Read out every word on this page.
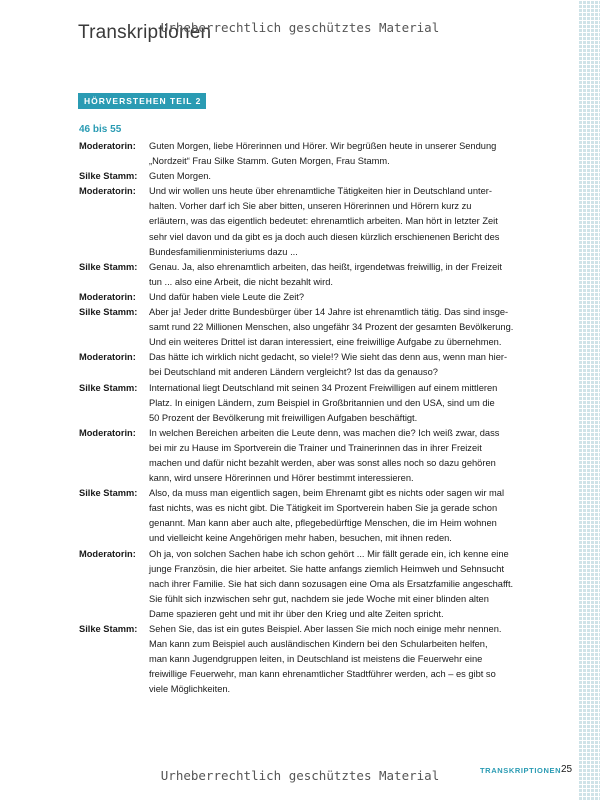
Transkriptionen
Urheberrechtlich geschütztes Material
HÖRVERSTEHEN TEIL 2
46 bis 55
Moderatorin:	Guten Morgen, liebe Hörerinnen und Hörer. Wir begrüßen heute in unserer Sendung
„Nordzeit“ Frau Silke Stamm. Guten Morgen, Frau Stamm.
Silke Stamm:	Guten Morgen.
Moderatorin:	Und wir wollen uns heute über ehrenamtliche Tätigkeiten hier in Deutschland unter-
halten. Vorher darf ich Sie aber bitten, unseren Hörerinnen und Hörern kurz zu
erläutern, was das eigentlich bedeutet: ehrenamtlich arbeiten. Man hört in letzter Zeit
sehr viel davon und da gibt es ja doch auch diesen kürzlich erschienenen Bericht des
Bundesfamilienministeriums dazu ...
Silke Stamm:	Genau. Ja, also ehrenamtlich arbeiten, das heißt, irgendetwas freiwillig, in der Freizeit
tun ... also eine Arbeit, die nicht bezahlt wird.
Moderatorin:	Und dafür haben viele Leute die Zeit?
Silke Stamm:	Aber ja! Jeder dritte Bundesbürger über 14 Jahre ist ehrenamtlich tätig. Das sind insge-
samt rund 22 Millionen Menschen, also ungefähr 34 Prozent der gesamten Bevölkerung.
Und ein weiteres Drittel ist daran interessiert, eine freiwillige Aufgabe zu übernehmen.
Moderatorin:	Das hätte ich wirklich nicht gedacht, so viele!? Wie sieht das denn aus, wenn man hier-
bei Deutschland mit anderen Ländern vergleicht? Ist das da genauso?
Silke Stamm:	International liegt Deutschland mit seinen 34 Prozent Freiwilligen auf einem mittleren
Platz. In einigen Ländern, zum Beispiel in Großbritannien und den USA, sind um die
50 Prozent der Bevölkerung mit freiwilligen Aufgaben beschäftigt.
Moderatorin:	In welchen Bereichen arbeiten die Leute denn, was machen die? Ich weiß zwar, dass
bei mir zu Hause im Sportverein die Trainer und Trainerinnen das in ihrer Freizeit
machen und dafür nicht bezahlt werden, aber was sonst alles noch so dazu gehören
kann, wird unsere Hörerinnen und Hörer bestimmt interessieren.
Silke Stamm:	Also, da muss man eigentlich sagen, beim Ehrenamt gibt es nichts oder sagen wir mal
fast nichts, was es nicht gibt. Die Tätigkeit im Sportverein haben Sie ja gerade schon
genannt. Man kann aber auch alte, pflegebedürftige Menschen, die im Heim wohnen
und vielleicht keine Angehörigen mehr haben, besuchen, mit ihnen reden.
Moderatorin:	Oh ja, von solchen Sachen habe ich schon gehört ... Mir fällt gerade ein, ich kenne eine
junge Französin, die hier arbeitet. Sie hatte anfangs ziemlich Heimweh und Sehnsucht
nach ihrer Familie. Sie hat sich dann sozusagen eine Oma als Ersatzfamilie angeschafft.
Sie fühlt sich inzwischen sehr gut, nachdem sie jede Woche mit einer blinden alten
Dame spazieren geht und mit ihr über den Krieg und alte Zeiten spricht.
Silke Stamm:	Sehen Sie, das ist ein gutes Beispiel. Aber lassen Sie mich noch einige mehr nennen.
Man kann zum Beispiel auch ausländischen Kindern bei den Schularbeiten helfen,
man kann Jugendgruppen leiten, in Deutschland ist meistens die Feuerwehr eine
freiwillige Feuerwehr, man kann ehrenamtlicher Stadtführer werden, ach – es gibt so
viele Möglichkeiten.
Urheberrechtlich geschütztes Material	TRANSKRIPTIONEN 25
